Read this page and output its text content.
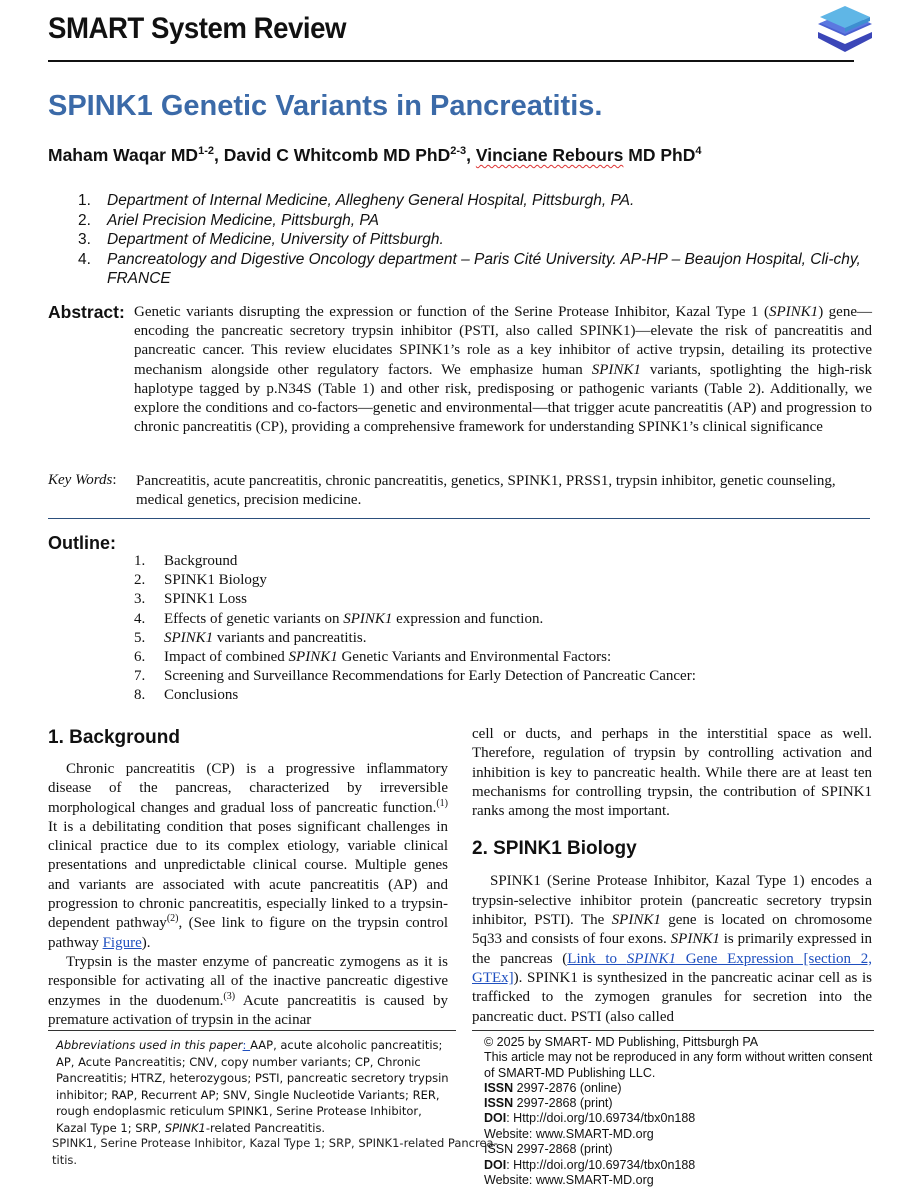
SMART System Review
SPINK1 Genetic Variants in Pancreatitis.
Maham Waqar MD$^{1-2}$, David C Whitcomb MD PhD$^{2-3}$, Vinciane Rebours MD PhD$^4$
1. Department of Internal Medicine, Allegheny General Hospital, Pittsburgh, PA.
2. Ariel Precision Medicine, Pittsburgh, PA
3. Department of Medicine, University of Pittsburgh.
4. Pancreatology and Digestive Oncology department – Paris Cité University. AP-HP – Beaujon Hospital, Cli-chy, FRANCE
Abstract: Genetic variants disrupting the expression or function of the Serine Protease Inhibitor, Kazal Type 1 (SPINK1) gene—encoding the pancreatic secretory trypsin inhibitor (PSTI, also called SPINK1)—elevate the risk of pancreatitis and pancreatic cancer. This review elucidates SPINK1’s role as a key inhibitor of active trypsin, detailing its protective mechanism alongside other regulatory factors. We emphasize human SPINK1 variants, spotlighting the high-risk haplotype tagged by p.N34S (Table 1) and other risk, predisposing or pathogenic variants (Table 2). Additionally, we explore the conditions and co-factors—genetic and environmental—that trigger acute pancreatitis (AP) and progression to chronic pancreatitis (CP), providing a comprehensive framework for understanding SPINK1’s clinical significance
Key Words: Pancreatitis, acute pancreatitis, chronic pancreatitis, genetics, SPINK1, PRSS1, trypsin inhibitor, genetic counseling, medical genetics, precision medicine.
Outline:
1. Background
2. SPINK1 Biology
3. SPINK1 Loss
4. Effects of genetic variants on SPINK1 expression and function.
5. SPINK1 variants and pancreatitis.
6. Impact of combined SPINK1 Genetic Variants and Environmental Factors:
7. Screening and Surveillance Recommendations for Early Detection of Pancreatic Cancer:
8. Conclusions
1. Background

Chronic pancreatitis (CP) is a progressive inflammatory disease of the pancreas, characterized by irreversible morphological changes and gradual loss of pancreatic function.$^{(1)}$ It is a debilitating condition that poses significant challenges in clinical practice due to its complex etiology, variable clinical presentations and unpredictable clinical course. Multiple genes and variants are associated with acute pancreatitis (AP) and progression to chronic pancreatitis, especially linked to a trypsin-dependent pathway$^{(2)}$, (See link to figure on the trypsin control pathway Figure).

Trypsin is the master enzyme of pancreatic zymogens as it is responsible for activating all of the inactive pancreatic digestive enzymes in the duodenum.$^{(3)}$ Acute pancreatitis is caused by premature activation of trypsin in the acinar

cell or ducts, and perhaps in the interstitial space as well. Therefore, regulation of trypsin by controlling activation and inhibition is key to pancreatic health. While there are at least ten mechanisms for controlling trypsin, the contribution of SPINK1 ranks among the most important.

2. SPINK1 Biology

SPINK1 (Serine Protease Inhibitor, Kazal Type 1) encodes a trypsin-selective inhibitor protein (pancreatic secretory trypsin inhibitor, PSTI). The SPINK1 gene is located on chromosome 5q33 and consists of four exons. SPINK1 is primarily expressed in the pancreas (Link to SPINK1 Gene Expression [section 2, GTEx]). SPINK1 is synthesized in the pancreatic acinar cell as is trafficked to the zymogen granules for secretion into the pancreatic duct. PSTI (also called

Abbreviations used in this paper: AAP, acute alcoholic pancreatitis; AP, Acute Pancreatitis; CNV, copy number variants; CP, Chronic Pancreatitis; HTRZ, heterozygous; PSTI, pancreatic secretory trypsin inhibitor; RAP, Recurrent AP; SNV, Single Nucleotide Variants; RER, rough endoplasmic reticulum SPINK1, Serine Protease Inhibitor, Kazal Type 1; SRP, SPINK1-related Pancreatitis.
SPINK1, Serine Protease Inhibitor, Kazal Type 1; SRP, SPINK1-related Pancrea-
titis.
© 2025 by SMART- MD Publishing, Pittsburgh PA
This article may not be reproduced in any form without written consent of SMART-MD Publishing LLC.
ISSN 2997-2876 (online)
ISSN 2997-2868 (print)
DOI: Http://doi.org/10.69734/tbx0n188
Website: www.SMART-MD.org
ISSN 2997-2868 (print)
DOI: Http://doi.org/10.69734/tbx0n188
Website: www.SMART-MD.org
